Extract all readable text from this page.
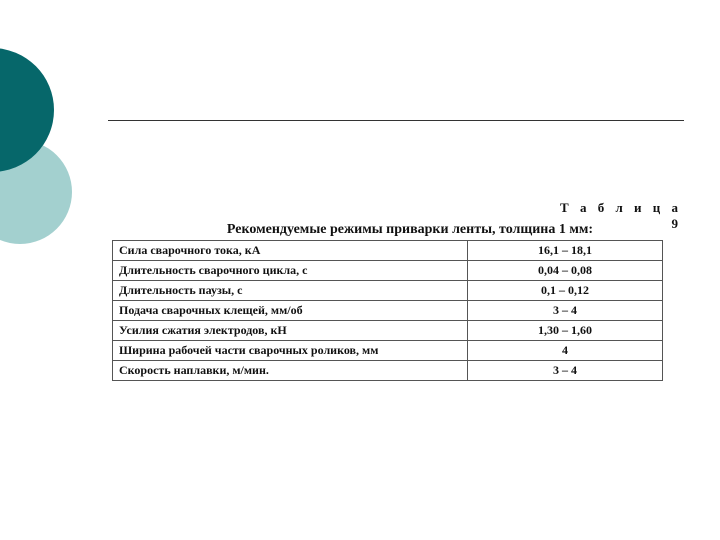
Т а б л и ц а 9
Рекомендуемые режимы приварки ленты, толщина 1 мм:
Сила сварочного тока, кА	16,1 – 18,1
Длительность сварочного цикла, с	0,04 – 0,08
Длительность паузы, с	0,1 – 0,12
Подача сварочных клещей, мм/об	3 – 4
Усилия сжатия электродов, кН	1,30 – 1,60
Ширина рабочей части сварочных роликов, мм	4
Скорость наплавки, м/мин.	3 – 4
